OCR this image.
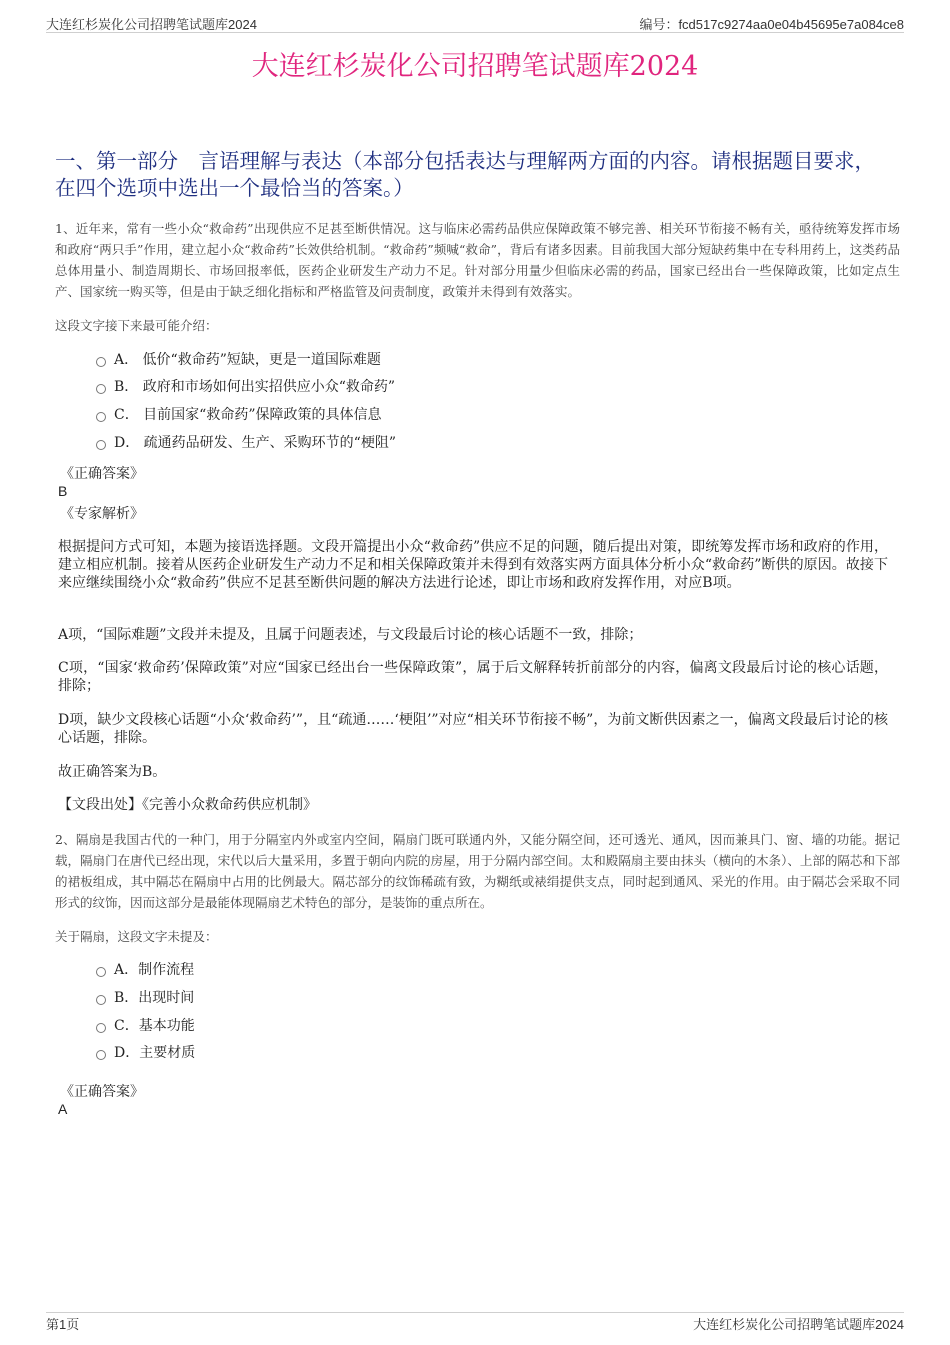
大连红杉炭化公司招聘笔试题库2024	编号：fcd517c9274aa0e04b45695e7a084ce8
大连红杉炭化公司招聘笔试题库2024
一、第一部分　言语理解与表达（本部分包括表达与理解两方面的内容。请根据题目要求，在四个选项中选出一个最恰当的答案。）
1、近年来，常有一些小众“救命药”出现供应不足甚至断供情况。这与临床必需药品供应保障政策不够完善、相关环节衔接不畅有关，亟待统筹发挥市场和政府“两只手”作用，建立起小众“救命药”长效供给机制。“救命药”频喊“救命”，背后有诸多因素。目前我国大部分短缺药集中在专科用药上，这类药品总体用量小、制造周期长、市场回报率低，医药企业研发生产动力不足。针对部分用量少但临床必需的药品，国家已经出台一些保障政策，比如定点生产、国家统一购买等，但是由于缺乏细化指标和严格监管及问责制度，政策并未得到有效落实。
这段文字接下来最可能介绍：
A． 低价“救命药”短缺，更是一道国际难题
B． 政府和市场如何出实招供应小众“救命药”
C． 目前国家“救命药”保障政策的具体信息
D． 疏通药品研发、生产、采购环节的“梗阻”
《正确答案》
B
《专家解析》
根据提问方式可知，本题为接语选择题。文段开篇提出小众“救命药”供应不足的问题，随后提出对策，即统筹发挥市场和政府的作用，建立相应机制。接着从医药企业研发生产动力不足和相关保障政策并未得到有效落实两方面具体分析小众“救命药”断供的原因。故接下来应继续围绕小众“救命药”供应不足甚至断供问题的解决方法进行论述，即让市场和政府发挥作用，对应B项。
A项，“国际难题”文段并未提及，且属于问题表述，与文段最后讨论的核心话题不一致，排除；
C项，“国家‘救命药’保障政策”对应“国家已经出台一些保障政策”，属于后文解释转折前部分的内容，偏离文段最后讨论的核心话题，排除；
D项，缺少文段核心话题“小众‘救命药’”，且“疏通……‘梗阻’”对应“相关环节衔接不畅”，为前文断供因素之一，偏离文段最后讨论的核心话题，排除。
故正确答案为B。
【文段出处】《完善小众救命药供应机制》
2、隔扇是我国古代的一种门，用于分隔室内外或室内空间，隔扇门既可联通内外，又能分隔空间，还可透光、通风，因而兼具门、窗、墙的功能。据记载，隔扇门在唐代已经出现，宋代以后大量采用，多置于朝向内院的房屋，用于分隔内部空间。太和殿隔扇主要由抹头（横向的木条）、上部的隔芯和下部的裙板组成，其中隔芯在隔扇中占用的比例最大。隔芯部分的纹饰稀疏有致，为糊纸或裱绢提供支点，同时起到通风、采光的作用。由于隔芯会采取不同形式的纹饰，因而这部分是最能体现隔扇艺术特色的部分，是装饰的重点所在。
关于隔扇，这段文字未提及：
A．制作流程
B．出现时间
C．基本功能
D．主要材质
《正确答案》
A
第1页	大连红杉炭化公司招聘笔试题库2024
